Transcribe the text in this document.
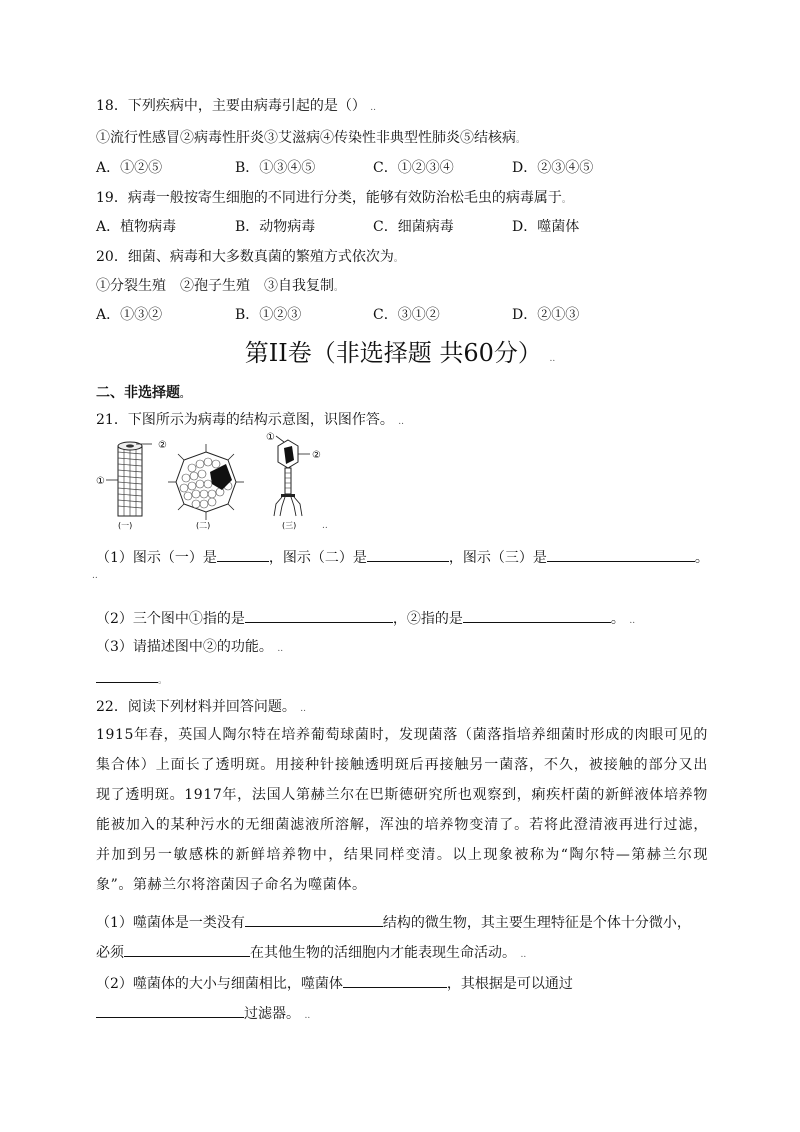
18．下列疾病中，主要由病毒引起的是（） ..
①流行性感冒②病毒性肝炎③艾滋病④传染性非典型性肺炎⑤结核病。
A．①②⑤	B．①③④⑤	C．①②③④	D．②③④⑤
19．病毒一般按寄生细胞的不同进行分类，能够有效防治松毛虫的病毒属于。
A．植物病毒	B．动物病毒	C．细菌病毒	D．噬菌体
20．细菌、病毒和大多数真菌的繁殖方式依次为。
①分裂生殖　②孢子生殖　③自我复制。
A．①③②	B．①②③	C．③①②	D．②①③
第II卷（非选择题 共60分） ..
二、非选择题。
21．下图所示为病毒的结构示意图，识图作答。 ..
②
①
(一)	(二)
①
②
(三)	..
（1）图示（一）是	，图示（二）是	，图示（三）是	。
..
（2）三个图中①指的是	，②指的是	。 ..
（3）请描述图中②的功能。 ..
。
22．阅读下列材料并回答问题。 ..
1915年春，英国人陶尔特在培养葡萄球菌时，发现菌落（菌落指培养细菌时形成的肉眼可见的集合体）上面长了透明斑。用接种针接触透明斑后再接触另一菌落，不久，被接触的部分又出现了透明斑。1917年，法国人第赫兰尔在巴斯德研究所也观察到，痢疾杆菌的新鲜液体培养物能被加入的某种污水的无细菌滤液所溶解，浑浊的培养物变清了。若将此澄清液再进行过滤，并加到另一敏感株的新鲜培养物中，结果同样变清。以上现象被称为“陶尔特—第赫兰尔现象”。第赫兰尔将溶菌因子命名为噬菌体。
（1）噬菌体是一类没有	结构的微生物，其主要生理特征是个体十分微小，
必须	在其他生物的活细胞内才能表现生命活动。 ..
（2）噬菌体的大小与细菌相比，噬菌体	，其根据是可以通过
过滤器。 ..
